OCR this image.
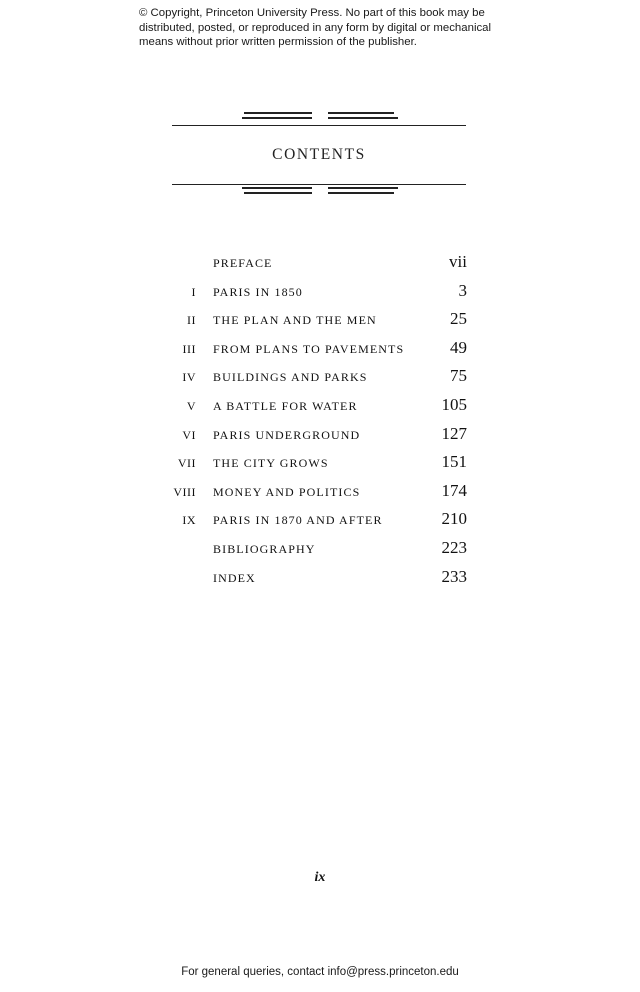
© Copyright, Princeton University Press. No part of this book may be
distributed, posted, or reproduced in any form by digital or mechanical
means without prior written permission of the publisher.
CONTENTS
PREFACE	vii
I PARIS IN 1850	3
II THE PLAN AND THE MEN	25
III FROM PLANS TO PAVEMENTS	49
IV BUILDINGS AND PARKS	75
V A BATTLE FOR WATER	105
VI PARIS UNDERGROUND	127
VII THE CITY GROWS	151
VIII MONEY AND POLITICS	174
IX PARIS IN 1870 AND AFTER	210
BIBLIOGRAPHY	223
INDEX	233
ix
For general queries, contact info@press.princeton.edu
